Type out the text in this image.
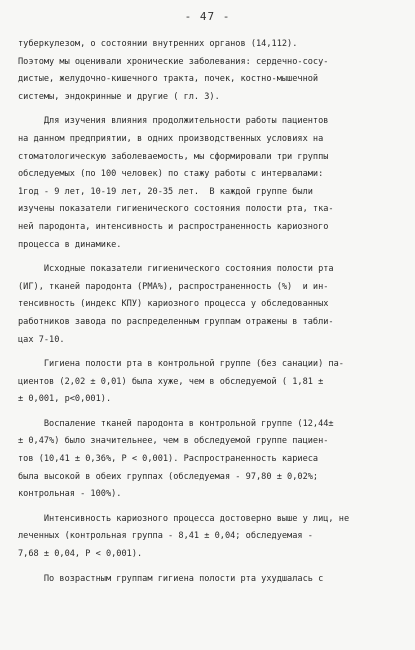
- 47 -
туберкулезом, о состоянии внутренних органов (14,112).
Поэтому мы оценивали хронические заболевания: сердечно-сосу-
дистые, желудочно-кишечного тракта, почек, костно-мышечной
системы, эндокринные и другие ( гл. 3).
Для изучения влияния продолжительности работы пациентов
на данном предприятии, в одних производственных условиях на
стоматологическую заболеваемость, мы сформировали три группы
обследуемых (по 100 человек) по стажу работы с интервалами:
1год - 9 лет, 10-19 лет, 20-35 лет.  В каждой группе были
изучены показатели гигиенического состояния полости рта, тка-
ней пародонта, интенсивность и распространенность кариозного
процесса в динамике.
Исходные показатели гигиенического состояния полости рта
(ИГ), тканей пародонта (РМА%), распространенность (%)  и ин-
тенсивность (индекс КПУ) кариозного процесса у обследованных
работников завода по распределенным группам отражены в табли-
цах 7-10.
Гигиена полости рта в контрольной группе (без санации) па-
циентов (2,02 ± 0,01) была хуже, чем в обследуемой ( 1,81 ±
± 0,001, р<0,001).
Воспаление тканей пародонта в контрольной группе (12,44±
± 0,47%) было значительнее, чем в обследуемой группе пациен-
тов (10,41 ± 0,36%, Р < 0,001). Распространенность кариеса
была высокой в обеих группах (обследуемая - 97,80 ± 0,02%;
контрольная - 100%).
Интенсивность кариозного процесса достоверно выше у лиц, не
леченных (контрольная группа - 8,41 ± 0,04; обследуемая -
7,68 ± 0,04, Р < 0,001).
По возрастным группам гигиена полости рта ухудшалась с
